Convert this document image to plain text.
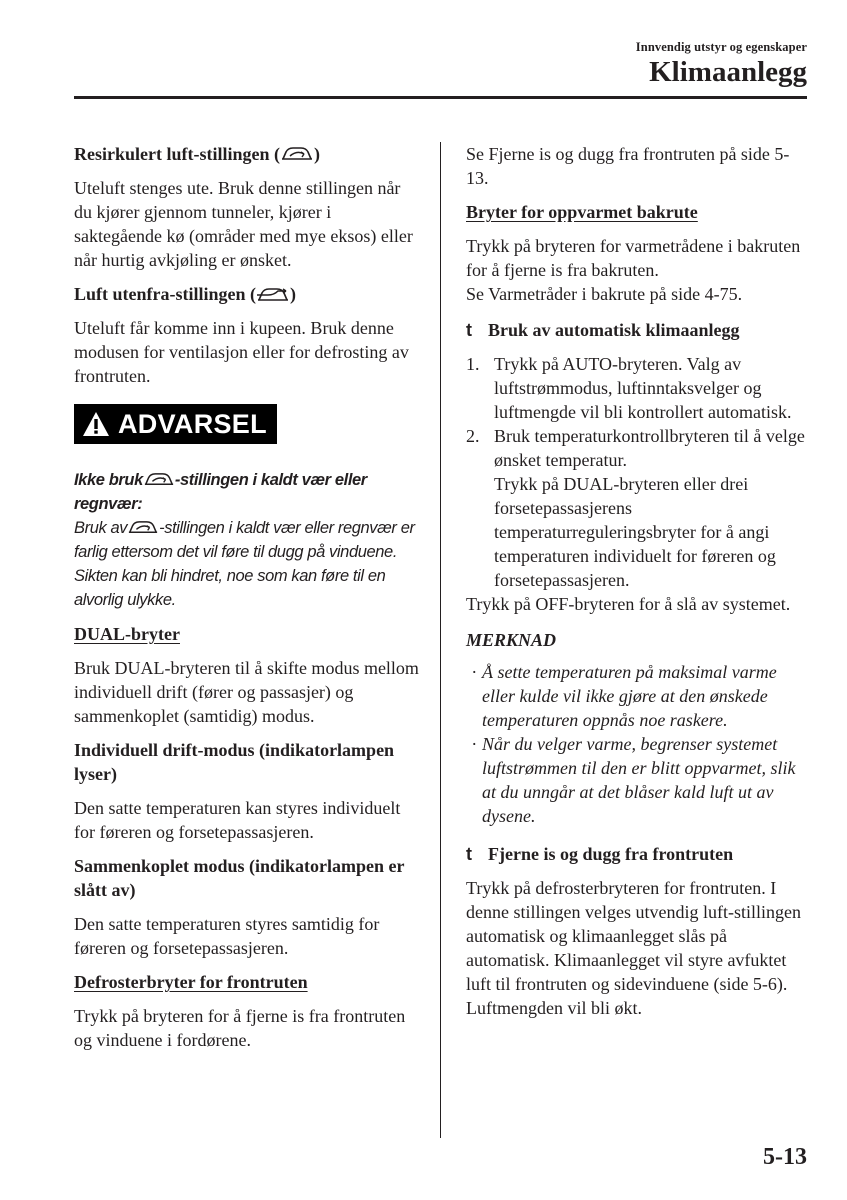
Innvendig utstyr og egenskaper
Klimaanlegg
Resirkulert luft-stillingen ( )

Uteluft stenges ute. Bruk denne stillingen når du kjører gjennom tunneler, kjører i saktegående kø (områder med mye eksos) eller når hurtig avkjøling er ønsket.

Luft utenfra-stillingen ( )

Uteluft får komme inn i kupeen. Bruk denne modusen for ventilasjon eller for defrosting av frontruten.

ADVARSEL
Ikke bruk -stillingen i kaldt vær eller regnvær:
Bruk av -stillingen i kaldt vær eller regnvær er farlig ettersom det vil føre til dugg på vinduene. Sikten kan bli hindret, noe som kan føre til en alvorlig ulykke.
DUAL-bryter

Bruk DUAL-bryteren til å skifte modus mellom individuell drift (fører og passasjer) og sammenkoplet (samtidig) modus.

Individuell drift-modus (indikatorlampen lyser)

Den satte temperaturen kan styres individuelt for føreren og forsetepassasjeren.

Sammenkoplet modus (indikatorlampen er slått av)

Den satte temperaturen styres samtidig for føreren og forsetepassasjeren.

Defrosterbryter for frontruten

Trykk på bryteren for å fjerne is fra frontruten og vinduene i fordørene.

Se Fjerne is og dugg fra frontruten på side 5-13.

Bryter for oppvarmet bakrute

Trykk på bryteren for varmetrådene i bakruten for å fjerne is fra bakruten.
Se Varmetråder i bakrute på side 4-75.

t Bruk av automatisk klimaanlegg
1. Trykk på AUTO-bryteren. Valg av luftstrømmodus, luftinntaksvelger og luftmengde vil bli kontrollert automatisk.
2. Bruk temperaturkontrollbryteren til å velge ønsket temperatur.
Trykk på DUAL-bryteren eller drei forsetepassasjerens temperaturreguleringsbryter for å angi temperaturen individuelt for føreren og forsetepassasjeren.

Trykk på OFF-bryteren for å slå av systemet.

MERKNAD
· Å sette temperaturen på maksimal varme eller kulde vil ikke gjøre at den ønskede temperaturen oppnås noe raskere.
· Når du velger varme, begrenser systemet luftstrømmen til den er blitt oppvarmet, slik at du unngår at det blåser kald luft ut av dysene.
t Fjerne is og dugg fra frontruten

Trykk på defrosterbryteren for frontruten. I denne stillingen velges utvendig luft-stillingen automatisk og klimaanlegget slås på automatisk. Klimaanlegget vil styre avfuktet luft til frontruten og sidevinduene (side 5-6). Luftmengden vil bli økt.

5-13
